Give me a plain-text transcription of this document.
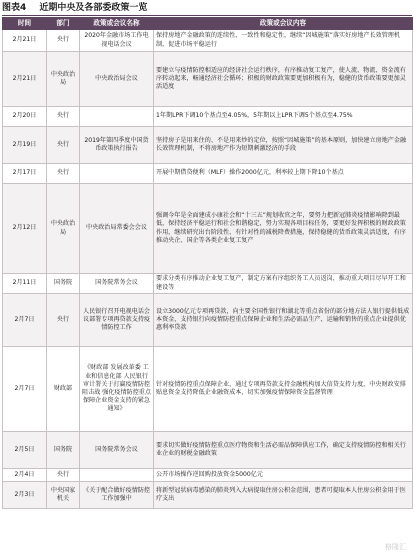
图表4 近期中央及各部委政策一览
时间	部门	政策或会议名称	政策或会议内容
2月21日	央行	2020年金融市场工作电视电话会议	保持房地产金融政策的连续性、一致性和稳定性，继续“因城施策”落实好房地产长效管理机制，促进市场平稳运行
2月21日	中央政治局	中央政治局会议	要建立与疫情防控相适应的经济社会运行秩序，有序推动复工复产，使人流、物流、资金流有序转动起来，畅通经济社会循环；积极的财政政策要更加积极有为，稳健的货币政策要更加灵活适度
2月20日	央行		1年期LPR下调10个基点至4.05%，5年期以上LPR下调5个基点至4.75%
2月19日	央行	2019年第四季度中国货币政策执行报告	坚持房子是用来住的、不是用来炒的定位，按照“因城施策”的基本原则，加快建立房地产金融长效管理机制，不将房地产作为短期刺激经济的手段
2月17日	央行		开展中期借贷便利（MLF）操作2000亿元，利率较上期下降10个基点
2月12日	中央政治局	中央政治局常委会会议	强调今年是全面建成小康社会和“十三五”规划收官之年，要努力把新冠肺炎疫情影响降到最低，保持经济平稳运行和社会和谐稳定，努力实现各项目标任务，要更好发挥积极的财政政策作用，继续研究出台阶段性、有针对性的减税降费措施，保持稳健的货币政策灵活适度，有序推动央企、国企等各类企业复工复产
2月11日	国务院	国务院常务会议	要求分类有序推动企业复工复产，制定方案有序组织务工人员返岗，推动重大项目尽早开工和建设等
2月7日	央行	人民银行召开电视电话会议部署专项再贷款支持疫情防控工作	设立3000亿元专项再贷款，向主要全国性银行和湖北等重点省份的部分地方法人银行提供低成本资金，支持银行向疫情防控重点保障企业和生活必需品生产、运输和销售的重点企业提供优惠利率贷款
2月7日	财政部	《财政部 发展改革委 工业和信息化部 人民银行 审计署关于打赢疫情防控阻击战 强化疫情防控重点保障企业资金支持的紧急通知》	针对疫情防控重点保障企业，通过专项再贷款支持金融机构加大信贷支持力度，中央财政安排贴息资金支持降低企业融资成本，切实加强疫情保障资金监督管理
2月5日	国务院	国务院常务会议	要求切实做好疫情防控重点医疗物资和生活必需品保障供应工作，确定支持疫情防控和相关行业企业的财税金融政策
2月4日	央行		公开市场操作逆回购投放资金5000亿元
2月3日	中央国家机关	《关于配合做好疫情防控工作加强中	将新型冠状病毒感染的肺炎列入大病提取住房公积金范围，患者可提取本人住房公积金用于医疗支出
格隆汇
